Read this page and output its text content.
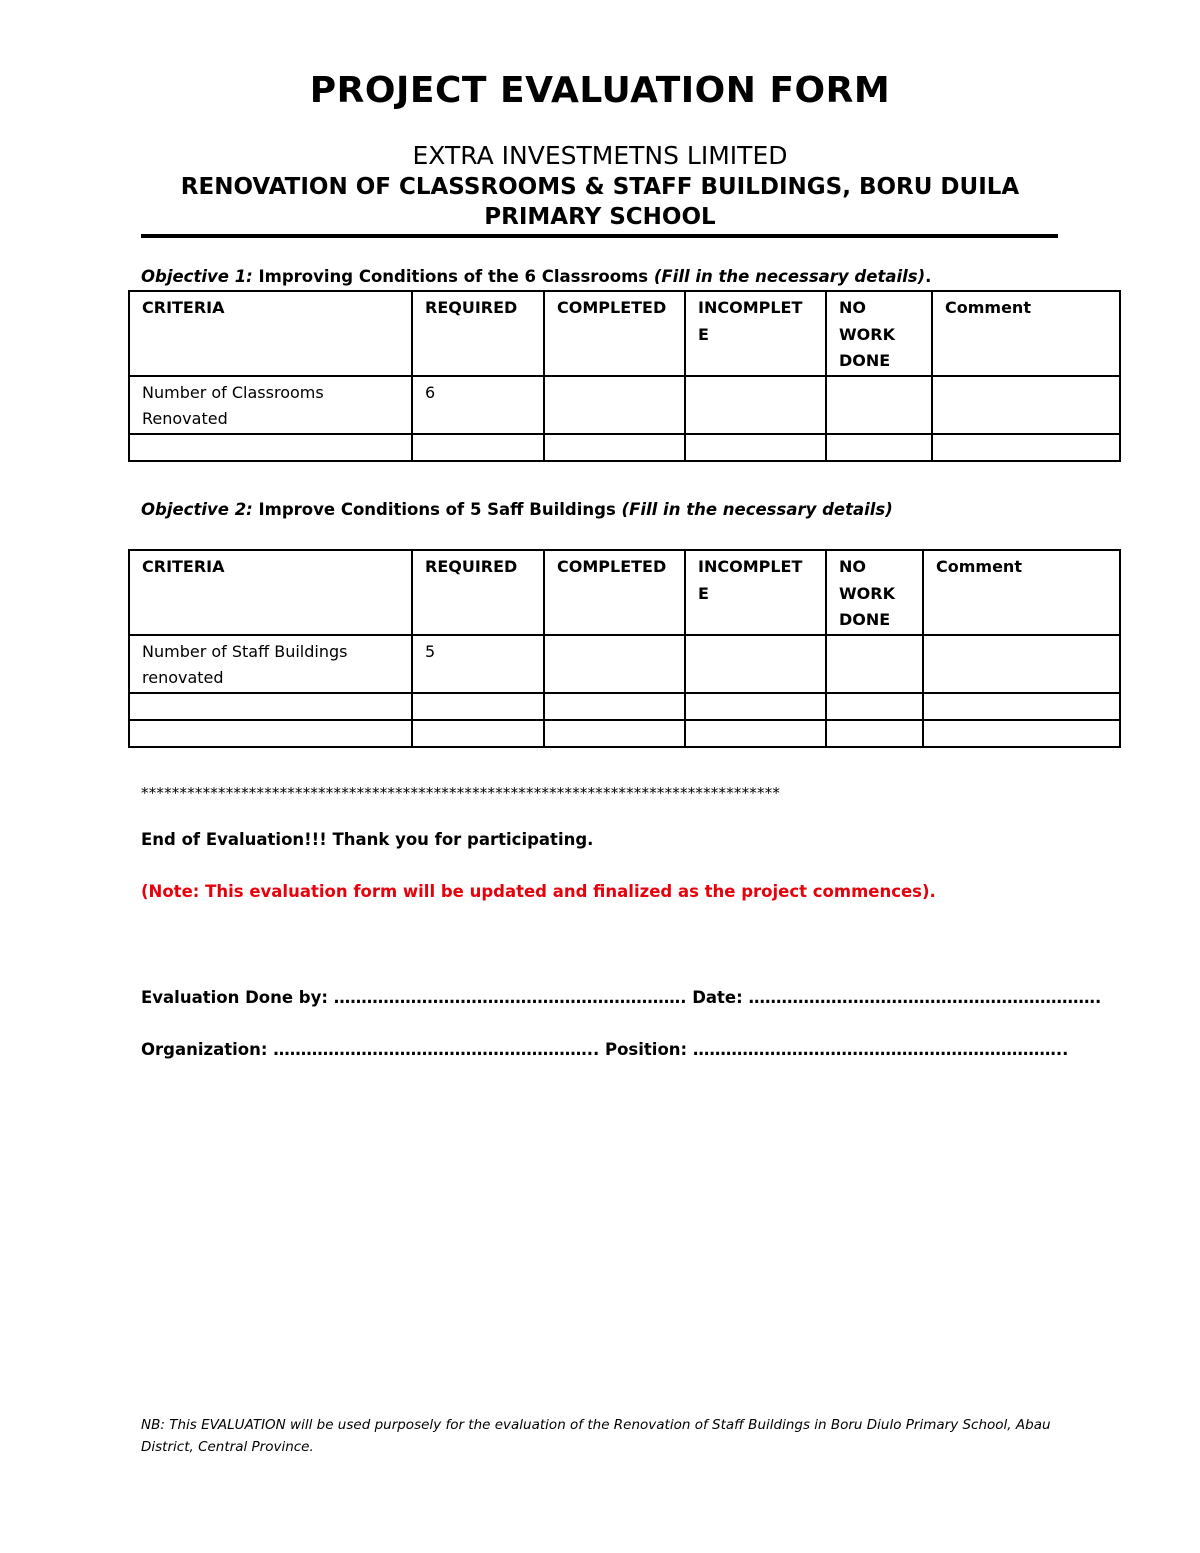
PROJECT EVALUATION FORM
EXTRA INVESTMETNS LIMITED
RENOVATION OF CLASSROOMS & STAFF BUILDINGS, BORU DUILA
PRIMARY SCHOOL
Objective 1: Improving Conditions of the 6 Classrooms (Fill in the necessary details).
CRITERIA	REQUIRED	COMPLETED	INCOMPLETE	NO WORK DONE	Comment
Number of Classrooms Renovated	6				

Objective 2: Improve Conditions of 5 Saff Buildings (Fill in the necessary details)
CRITERIA	REQUIRED	COMPLETED	INCOMPLETE	NO WORK DONE	Comment
Number of Staff Buildings renovated	5				

***********************************************************************************
End of Evaluation!!! Thank you for participating.
(Note: This evaluation form will be updated and finalized as the project commences).
Evaluation Done by: ………………………………………………………. Date: ……………………………………………………….
Organization: ………………………………………………….. Position: …………………………………………………………..
NB: This EVALUATION will be used purposely for the evaluation of the Renovation of Staff Buildings in Boru Diulo Primary School, Abau District, Central Province.
